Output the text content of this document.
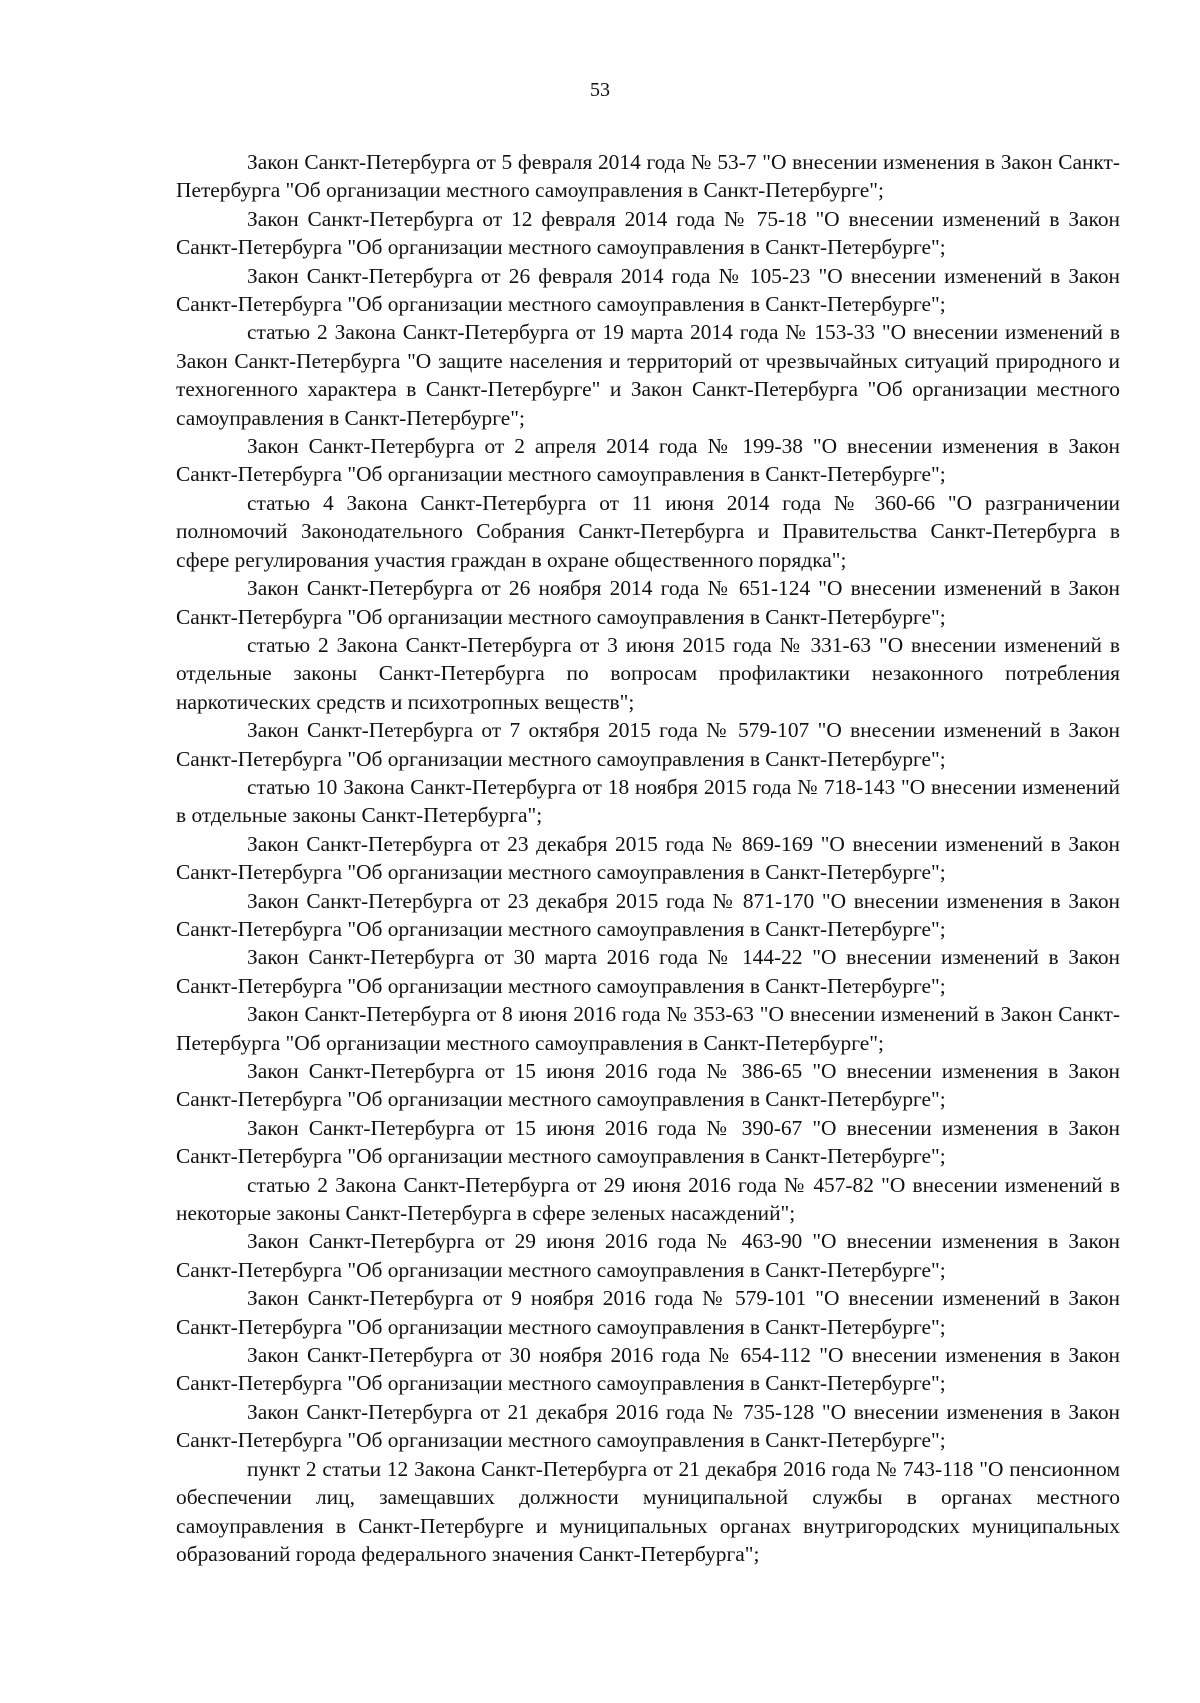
53

Закон Санкт-Петербурга от 5 февраля 2014 года № 53-7 "О внесении изменения в Закон Санкт-Петербурга "Об организации местного самоуправления в Санкт-Петербурге";

Закон Санкт-Петербурга от 12 февраля 2014 года № 75-18 "О внесении изменений в Закон Санкт-Петербурга "Об организации местного самоуправления в Санкт-Петербурге";

Закон Санкт-Петербурга от 26 февраля 2014 года № 105-23 "О внесении изменений в Закон Санкт-Петербурга "Об организации местного самоуправления в Санкт-Петербурге";

статью 2 Закона Санкт-Петербурга от 19 марта 2014 года № 153-33 "О внесении изменений в Закон Санкт-Петербурга "О защите населения и территорий от чрезвычайных ситуаций природного и техногенного характера в Санкт-Петербурге" и Закон Санкт-Петербурга "Об организации местного самоуправления в Санкт-Петербурге";

Закон Санкт-Петербурга от 2 апреля 2014 года № 199-38 "О внесении изменения в Закон Санкт-Петербурга "Об организации местного самоуправления в Санкт-Петербурге";

статью 4 Закона Санкт-Петербурга от 11 июня 2014 года № 360-66 "О разграничении полномочий Законодательного Собрания Санкт-Петербурга и Правительства Санкт-Петербурга в сфере регулирования участия граждан в охране общественного порядка";

Закон Санкт-Петербурга от 26 ноября 2014 года № 651-124 "О внесении изменений в Закон Санкт-Петербурга "Об организации местного самоуправления в Санкт-Петербурге";

статью 2 Закона Санкт-Петербурга от 3 июня 2015 года № 331-63 "О внесении изменений в отдельные законы Санкт-Петербурга по вопросам профилактики незаконного потребления наркотических средств и психотропных веществ";

Закон Санкт-Петербурга от 7 октября 2015 года № 579-107 "О внесении изменений в Закон Санкт-Петербурга "Об организации местного самоуправления в Санкт-Петербурге";

статью 10 Закона Санкт-Петербурга от 18 ноября 2015 года № 718-143 "О внесении изменений в отдельные законы Санкт-Петербурга";

Закон Санкт-Петербурга от 23 декабря 2015 года № 869-169 "О внесении изменений в Закон Санкт-Петербурга "Об организации местного самоуправления в Санкт-Петербурге";

Закон Санкт-Петербурга от 23 декабря 2015 года № 871-170 "О внесении изменения в Закон Санкт-Петербурга "Об организации местного самоуправления в Санкт-Петербурге";

Закон Санкт-Петербурга от 30 марта 2016 года № 144-22 "О внесении изменений в Закон Санкт-Петербурга "Об организации местного самоуправления в Санкт-Петербурге";

Закон Санкт-Петербурга от 8 июня 2016 года № 353-63 "О внесении изменений в Закон Санкт-Петербурга "Об организации местного самоуправления в Санкт-Петербурге";

Закон Санкт-Петербурга от 15 июня 2016 года № 386-65 "О внесении изменения в Закон Санкт-Петербурга "Об организации местного самоуправления в Санкт-Петербурге";

Закон Санкт-Петербурга от 15 июня 2016 года № 390-67 "О внесении изменения в Закон Санкт-Петербурга "Об организации местного самоуправления в Санкт-Петербурге";

статью 2 Закона Санкт-Петербурга от 29 июня 2016 года № 457-82 "О внесении изменений в некоторые законы Санкт-Петербурга в сфере зеленых насаждений";

Закон Санкт-Петербурга от 29 июня 2016 года № 463-90 "О внесении изменения в Закон Санкт-Петербурга "Об организации местного самоуправления в Санкт-Петербурге";

Закон Санкт-Петербурга от 9 ноября 2016 года № 579-101 "О внесении изменений в Закон Санкт-Петербурга "Об организации местного самоуправления в Санкт-Петербурге";

Закон Санкт-Петербурга от 30 ноября 2016 года № 654-112 "О внесении изменения в Закон Санкт-Петербурга "Об организации местного самоуправления в Санкт-Петербурге";

Закон Санкт-Петербурга от 21 декабря 2016 года № 735-128 "О внесении изменения в Закон Санкт-Петербурга "Об организации местного самоуправления в Санкт-Петербурге";

пункт 2 статьи 12 Закона Санкт-Петербурга от 21 декабря 2016 года № 743-118 "О пенсионном обеспечении лиц, замещавших должности муниципальной службы в органах местного самоуправления в Санкт-Петербурге и муниципальных органах внутригородских муниципальных образований города федерального значения Санкт-Петербурга";
